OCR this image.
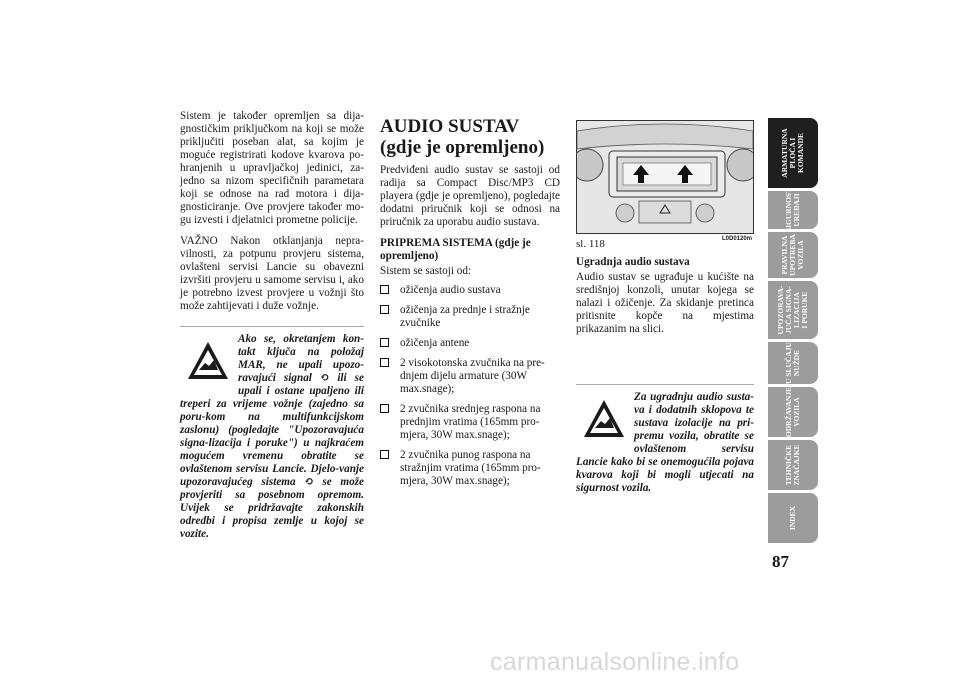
Sistem je također opremljen sa dija-gnostičkim priključkom na koji se može priključiti poseban alat, sa kojim je moguće registrirati kodove kvarova po-hranjenih u upravljačkoj jedinici, za-jedno sa nizom specifičnih parametara koji se odnose na rad motora i dija-gnosticiranje. Ove provjere također mo-gu izvesti i djelatnici prometne policije.

VAŽNO Nakon otklanjanja nepra-vilnosti, za potpunu provjeru sistema, ovlašteni servisi Lancie su obavezni izvršiti provjeru u samome servisu i, ako je potrebno izvest provjere u vožnji što može zahtijevati i duže vožnje.

Ako se, okretanjem kon-takt ključa na položaj MAR, ne upali upozo-ravajući signal ⟲ ili se upali i ostane upaljeno ili treperi za vrijeme vožnje (zajedno sa poru-kom na multifunkcijskom zaslonu) (pogledajte "Upozoravajuća signa-lizacija i poruke") u najkraćem mogućem vremenu obratite se ovlaštenom servisu Lancie. Djelo-vanje upozoravajućeg sistema ⟲ se može provjeriti sa posebnom opremom. Uvijek se pridržavajte zakonskih odredbi i propisa zemlje u kojoj se vozite.
AUDIO SUSTAV (gdje je opremljeno)

Predviđeni audio sustav se sastoji od radija sa Compact Disc/MP3 CD playera (gdje je opremljeno), pogledajte dodatni priručnik koji se odnosi na priručnik za uporabu audio sustava.

PRIPREMA SISTEMA (gdje je opremljeno)

Sistem se sastoji od:

ožičenja audio sustava
ožičenja za prednje i stražnje zvučnike
ožičenja antene
2 visokotonska zvučnika na pre-dnjem dijelu armature (30W max.snage);
2 zvučnika srednjeg raspona na prednjim vratima (165mm pro-mjera, 30W max.snage);
2 zvučnika punog raspona na stražnjim vratima (165mm pro-mjera, 30W max.snage);
sl. 118	L0D0120m
Ugradnja audio sustava

Audio sustav se ugrađuje u kućište na središnjoj konzoli, unutar kojega se nalazi i ožičenje. Za skidanje pretinca pritisnite kopče na mjestima prikazanim na slici.

Za ugradnju audio susta-va i dodatnih sklopova te sustava izolacije na pri-premu vozila, obratite se ovlaštenom servisu Lancie kako bi se onemogućila pojava kvarova koji bi mogli utjecati na sigurnost vozila.
ARMATURNA
PLOČA I
KOMANDE
SIGURNOST
UREĐAJI
PRAVILNA
UPOTREBA
VOZILA
UPOZORAVA-
JUĆA SIGNA-
LIZACIJA
I PORUKE
U SLUČAJU
NUŽDE
ODRŽAVANJE
VOZILA
TEHNIČKE
ZNAČAJKE
INDEX
87
carmanualsonline.info
